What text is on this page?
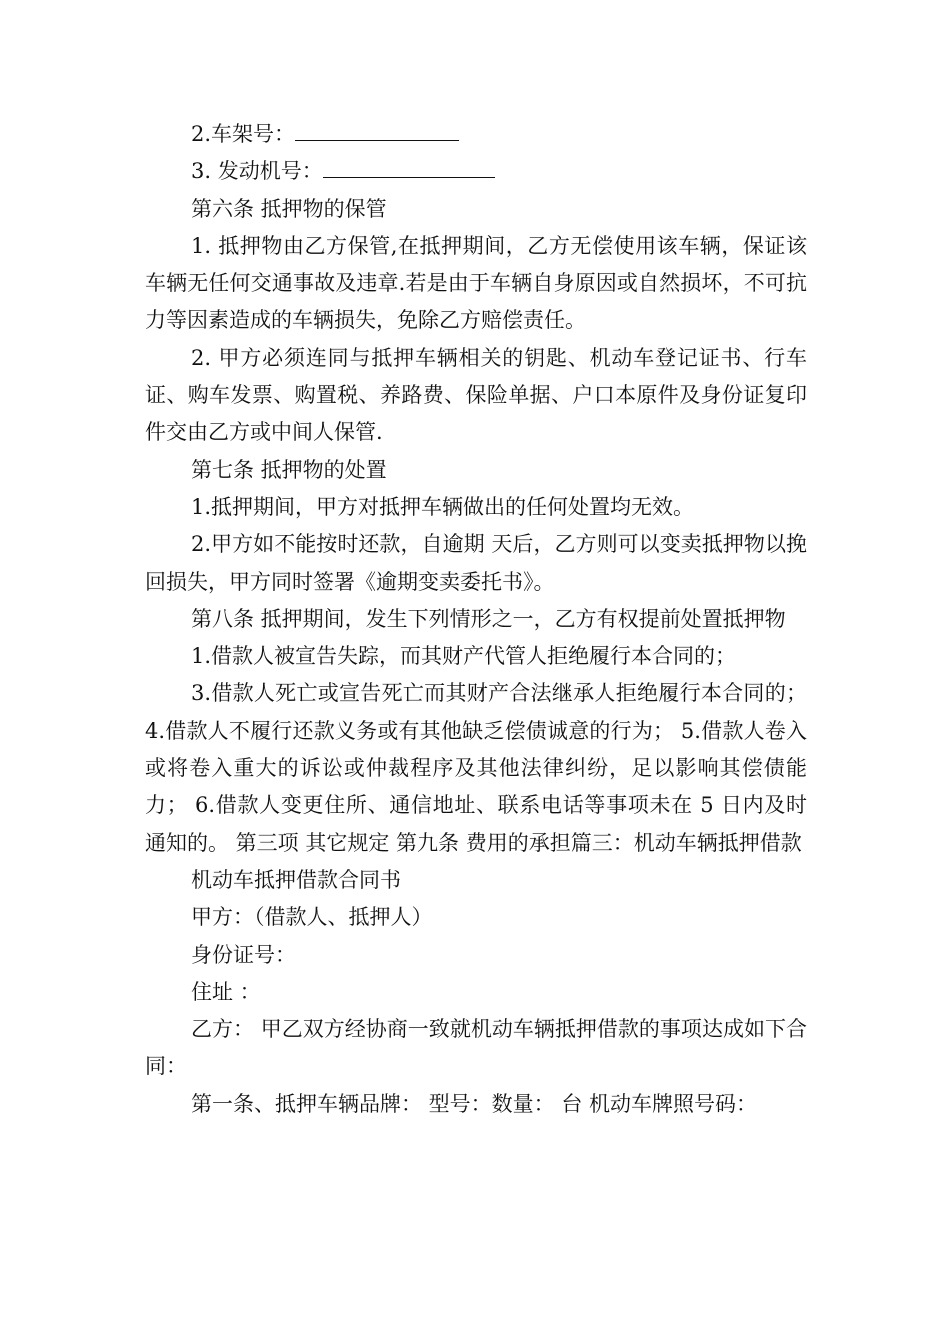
2.车架号：

3. 发动机号：

第六条 抵押物的保管

1. 抵押物由乙方保管,在抵押期间，乙方无偿使用该车辆，保证该车辆无任何交通事故及违章.若是由于车辆自身原因或自然损坏，不可抗力等因素造成的车辆损失，免除乙方赔偿责任。

2. 甲方必须连同与抵押车辆相关的钥匙、机动车登记证书、行车证、购车发票、购置税、养路费、保险单据、户口本原件及身份证复印件交由乙方或中间人保管.

第七条 抵押物的处置

1.抵押期间，甲方对抵押车辆做出的任何处置均无效。

2.甲方如不能按时还款，自逾期 天后，乙方则可以变卖抵押物以挽回损失，甲方同时签署《逾期变卖委托书》。

第八条 抵押期间，发生下列情形之一，乙方有权提前处置抵押物

1.借款人被宣告失踪，而其财产代管人拒绝履行本合同的；

3.借款人死亡或宣告死亡而其财产合法继承人拒绝履行本合同的； 4.借款人不履行还款义务或有其他缺乏偿债诚意的行为； 5.借款人卷入或将卷入重大的诉讼或仲裁程序及其他法律纠纷，足以影响其偿债能力； 6.借款人变更住所、通信地址、联系电话等事项未在 5 日内及时通知的。 第三项 其它规定 第九条 费用的承担篇三：机动车辆抵押借款

机动车抵押借款合同书

甲方：（借款人、抵押人）

身份证号：

住址 ：

乙方： 甲乙双方经协商一致就机动车辆抵押借款的事项达成如下合同：

第一条、抵押车辆品牌： 型号：数量： 台 机动车牌照号码：
